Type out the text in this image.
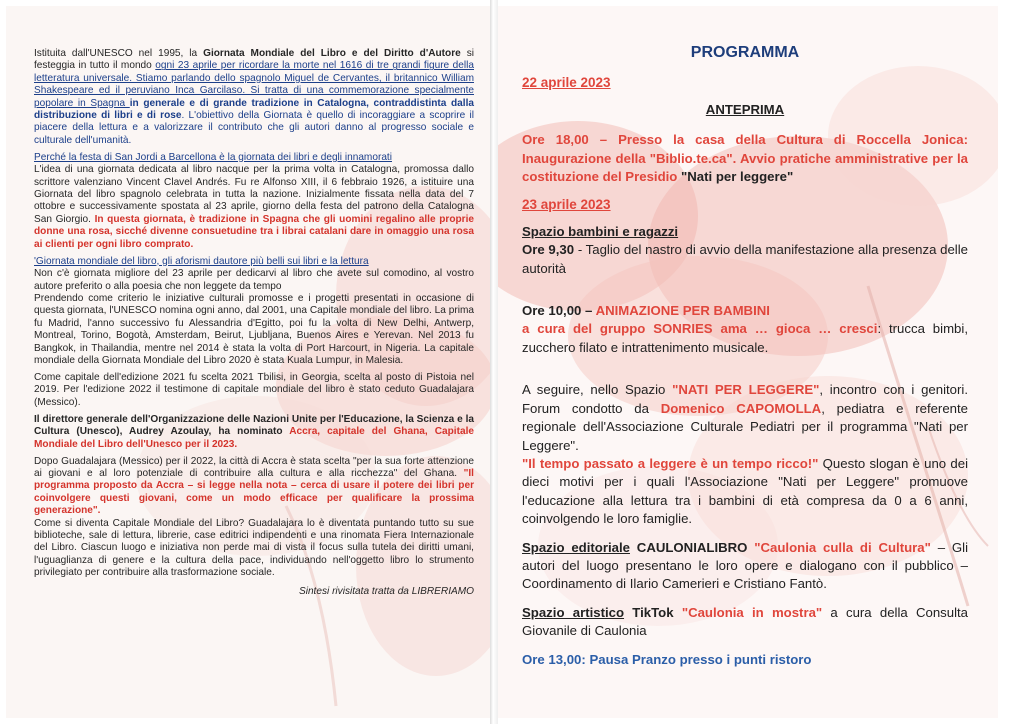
Istituita dall'UNESCO nel 1995, la Giornata Mondiale del Libro e del Diritto d'Autore si festeggia in tutto il mondo ogni 23 aprile per ricordare la morte nel 1616 di tre grandi figure della letteratura universale. Stiamo parlando dello spagnolo Miguel de Cervantes, il britannico William Shakespeare ed il peruviano Inca Garcilaso. Si tratta di una commemorazione specialmente popolare in Spagna in generale e di grande tradizione in Catalogna, contraddistinta dalla distribuzione di libri e di rose. L'obiettivo della Giornata è quello di incoraggiare a scoprire il piacere della lettura e a valorizzare il contributo che gli autori danno al progresso sociale e culturale dell'umanità.

Perché la festa di San Jordi a Barcellona è la giornata dei libri e degli innamorati
L'idea di una giornata dedicata al libro nacque per la prima volta in Catalogna, promossa dallo scrittore valenziano Vincent Clavel Andrés. Fu re Alfonso XIII, il 6 febbraio 1926, a istituire una Giornata del libro spagnolo celebrata in tutta la nazione. Inizialmente fissata nella data del 7 ottobre e successivamente spostata al 23 aprile, giorno della festa del patrono della Catalogna San Giorgio. In questa giornata, è tradizione in Spagna che gli uomini regalino alle proprie donne una rosa, sicché divenne consuetudine tra i librai catalani dare in omaggio una rosa ai clienti per ogni libro comprato.

'Giornata mondiale del libro, gli aforismi dautore più belli sui libri e la lettura
Non c'è giornata migliore del 23 aprile per dedicarvi al libro che avete sul comodino, al vostro autore preferito o alla poesia che non leggete da tempo
Prendendo come criterio le iniziative culturali promosse e i progetti presentati in occasione di questa giornata, l'UNESCO nomina ogni anno, dal 2001, una Capitale mondiale del libro. La prima fu Madrid, l'anno successivo fu Alessandria d'Egitto, poi fu la volta di New Delhi, Antwerp, Montreal, Torino, Bogotà, Amsterdam, Beirut, Ljubljana, Buenos Aires e Yerevan. Nel 2013 fu Bangkok, in Thailandia, mentre nel 2014 è stata la volta di Port Harcourt, in Nigeria. La capitale mondiale della Giornata Mondiale del Libro 2020 è stata Kuala Lumpur, in Malesia.

Come capitale dell'edizione 2021 fu scelta 2021 Tbilisi, in Georgia, scelta al posto di Pistoia nel 2019. Per l'edizione 2022 il testimone di capitale mondiale del libro è stato ceduto Guadalajara (Messico).

Il direttore generale dell'Organizzazione delle Nazioni Unite per l'Educazione, la Scienza e la Cultura (Unesco), Audrey Azoulay, ha nominato Accra, capitale del Ghana, Capitale Mondiale del Libro dell'Unesco per il 2023.

Dopo Guadalajara (Messico) per il 2022, la città di Accra è stata scelta "per la sua forte attenzione ai giovani e al loro potenziale di contribuire alla cultura e alla ricchezza" del Ghana. "Il programma proposto da Accra – si legge nella nota – cerca di usare il potere dei libri per coinvolgere questi giovani, come un modo efficace per qualificare la prossima generazione".
Come si diventa Capitale Mondiale del Libro? Guadalajara lo è diventata puntando tutto su sue biblioteche, sale di lettura, librerie, case editrici indipendenti e una rinomata Fiera Internazionale del Libro. Ciascun luogo e iniziativa non perde mai di vista il focus sulla tutela dei diritti umani, l'uguaglianza di genere e la cultura della pace, individuando nell'oggetto libro lo strumento privilegiato per contribuire alla trasformazione sociale.

Sintesi rivisitata tratta da LIBRERIAMO

PROGRAMMA
22 aprile 2023
ANTEPRIMA

Ore 18,00 – Presso la casa della Cultura di Roccella Jonica: Inaugurazione della "Biblio.te.ca". Avvio pratiche amministrative per la costituzione del Presidio "Nati per leggere"

23 aprile 2023

Spazio bambini e ragazzi
Ore 9,30 - Taglio del nastro di avvio della manifestazione alla presenza delle autorità

Ore 10,00 – ANIMAZIONE PER BAMBINI
a cura del gruppo SONRIES ama … gioca … cresci: trucca bimbi, zucchero filato e intrattenimento musicale.

A seguire, nello Spazio "NATI PER LEGGERE", incontro con i genitori. Forum condotto da Domenico CAPOMOLLA, pediatra e referente regionale dell'Associazione Culturale Pediatri per il programma "Nati per Leggere".
"Il tempo passato a leggere è un tempo ricco!" Questo slogan è uno dei dieci motivi per i quali l'Associazione "Nati per Leggere" promuove l'educazione alla lettura tra i bambini di età compresa da 0 a 6 anni, coinvolgendo le loro famiglie.

Spazio editoriale CAULONIALIBRO "Caulonia culla di Cultura" – Gli autori del luogo presentano le loro opere e dialogano con il pubblico – Coordinamento di Ilario Camerieri e Cristiano Fantò.

Spazio artistico TikTok "Caulonia in mostra" a cura della Consulta Giovanile di Caulonia

Ore 13,00: Pausa Pranzo presso i punti ristoro
